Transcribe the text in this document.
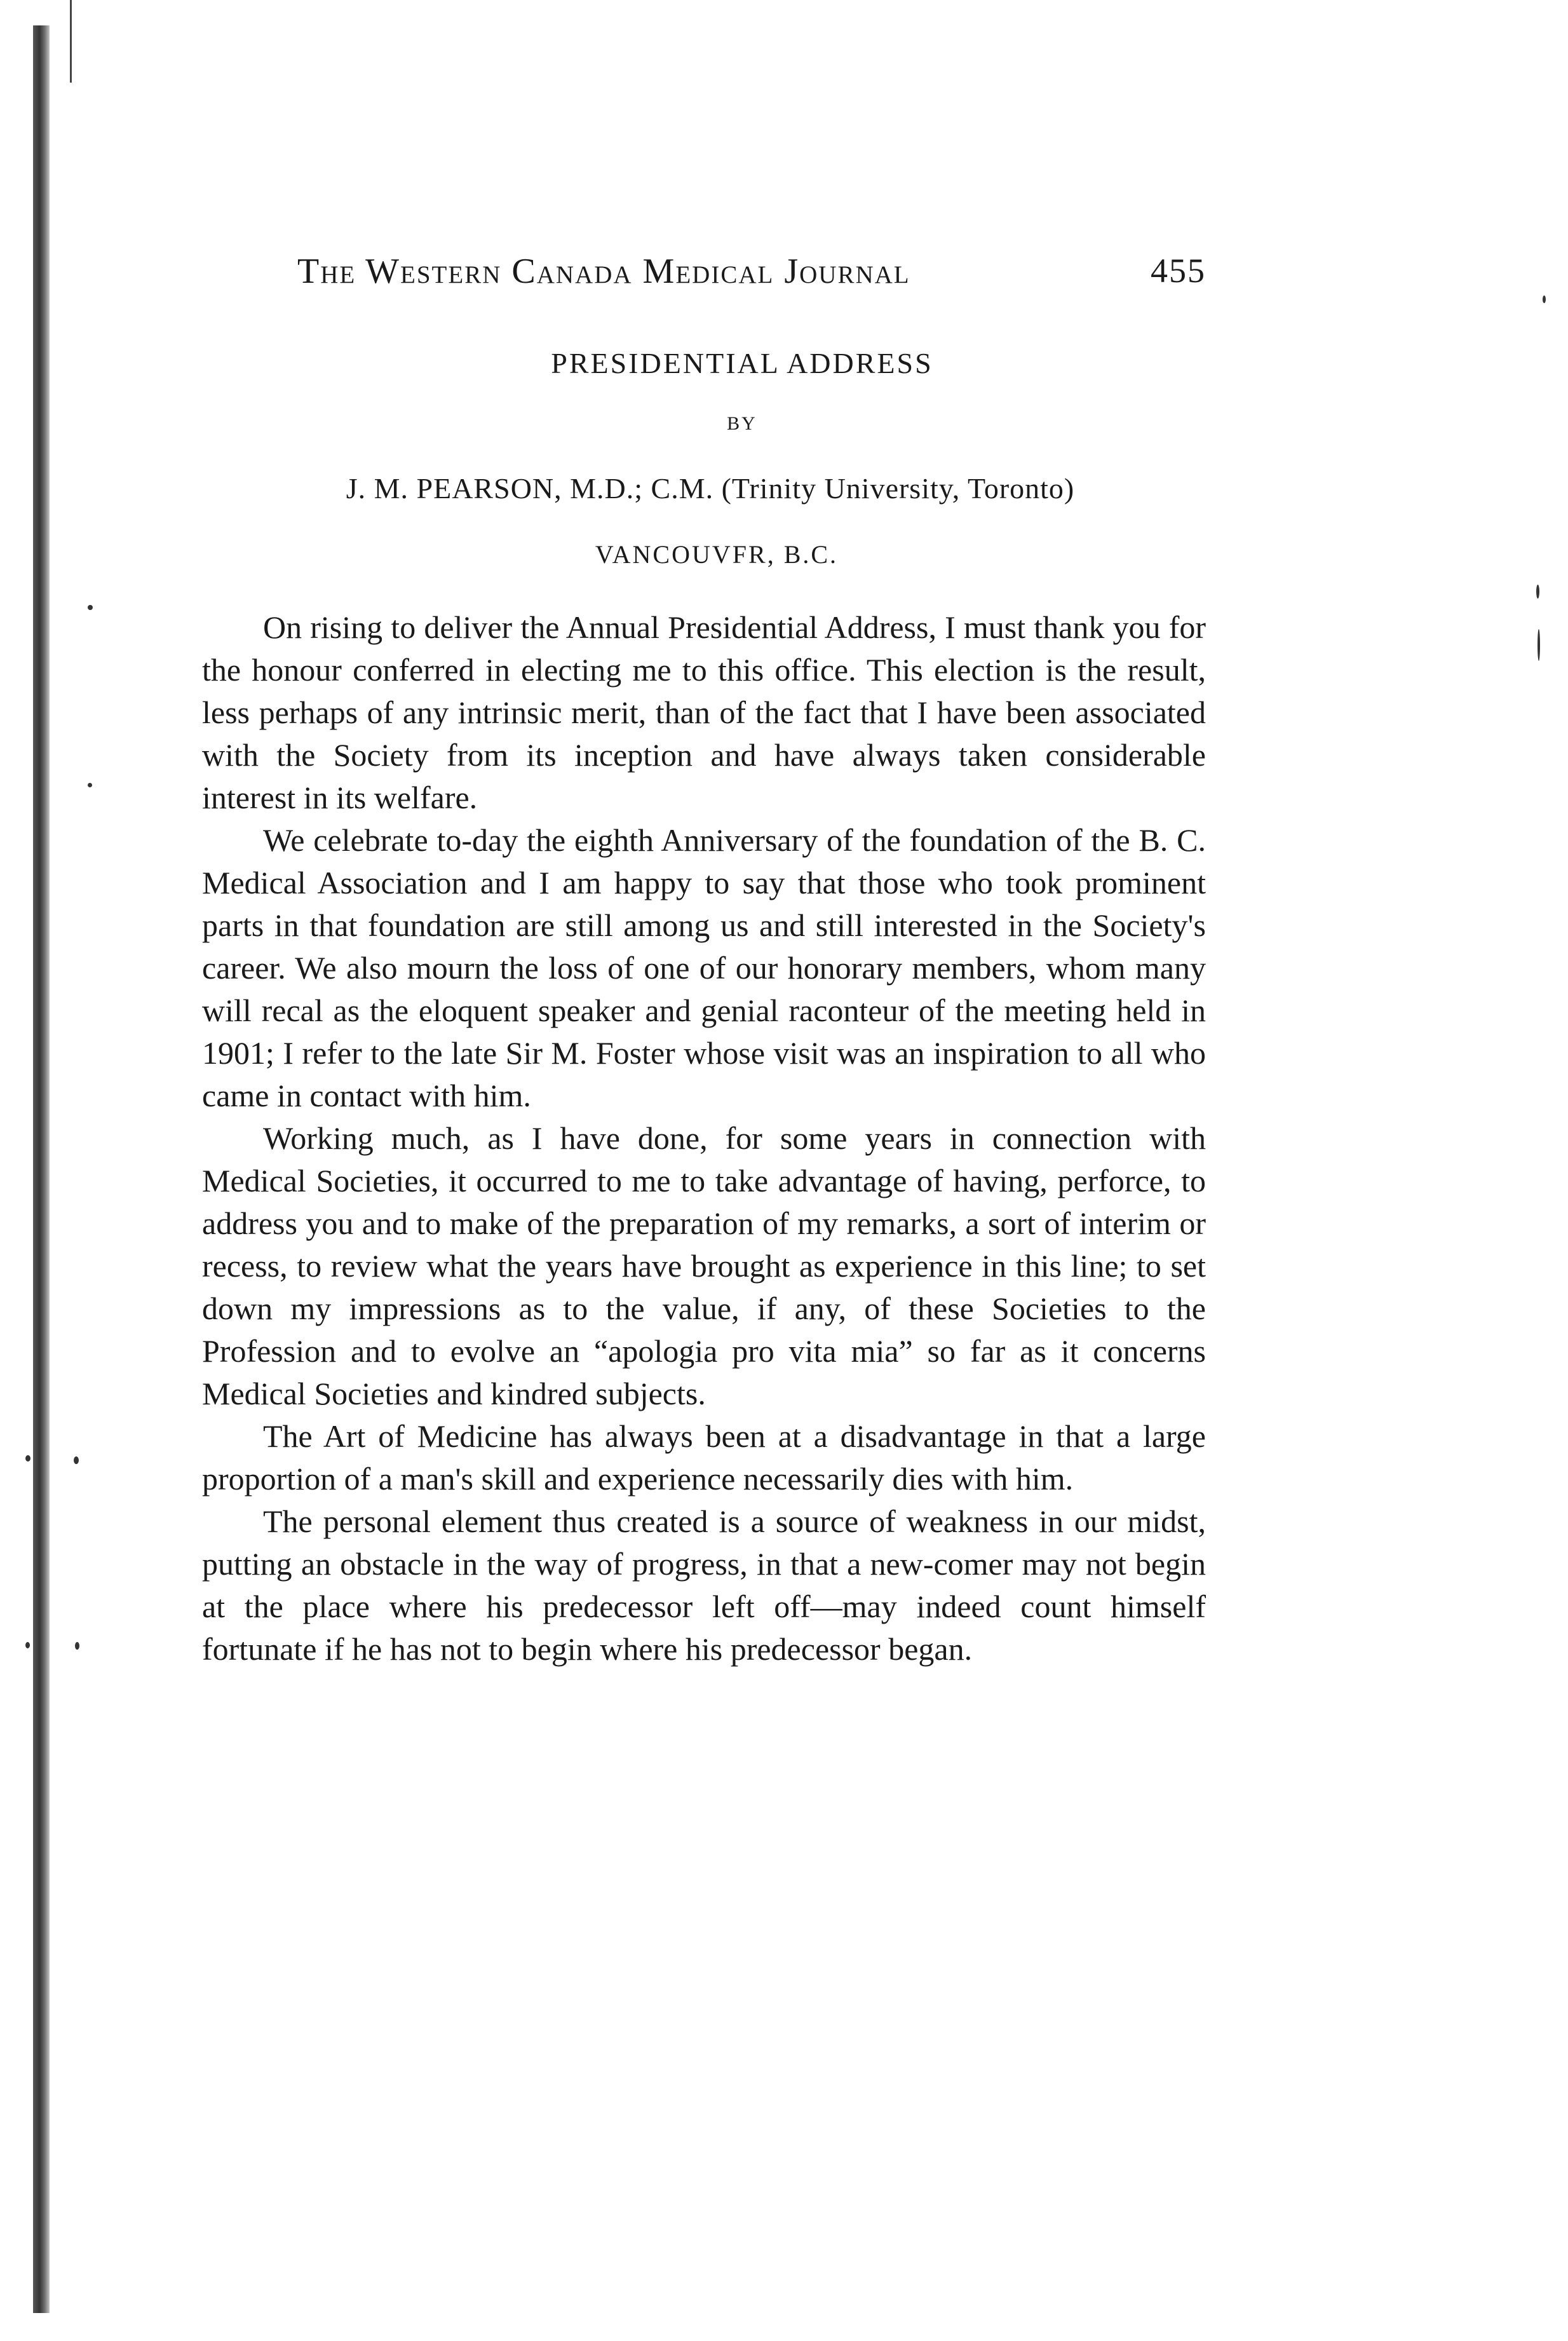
The Western Canada Medical Journal	455
PRESIDENTIAL ADDRESS
BY
J. M. PEARSON, M.D.; C.M. (Trinity University, Toronto)
VANCOUVFR, B.C.

On rising to deliver the Annual Presidential Address, I must thank you for the honour conferred in electing me to this office. This election is the result, less perhaps of any intrinsic merit, than of the fact that I have been associated with the Society from its inception and have always taken considerable interest in its welfare.

We celebrate to-day the eighth Anniversary of the foundation of the B. C. Medical Association and I am happy to say that those who took prominent parts in that foundation are still among us and still interested in the Society's career. We also mourn the loss of one of our honorary members, whom many will recal as the eloquent speaker and genial raconteur of the meeting held in 1901; I refer to the late Sir M. Foster whose visit was an inspiration to all who came in contact with him.

Working much, as I have done, for some years in connection with Medical Societies, it occurred to me to take advantage of having, perforce, to address you and to make of the preparation of my remarks, a sort of interim or recess, to review what the years have brought as experience in this line; to set down my impressions as to the value, if any, of these Societies to the Profession and to evolve an “apologia pro vita mia” so far as it concerns Medical Societies and kindred subjects.

The Art of Medicine has always been at a disadvantage in that a large proportion of a man's skill and experience necessarily dies with him.

The personal element thus created is a source of weakness in our midst, putting an obstacle in the way of progress, in that a new-comer may not begin at the place where his predecessor left off—may indeed count himself fortunate if he has not to begin where his predecessor began.
